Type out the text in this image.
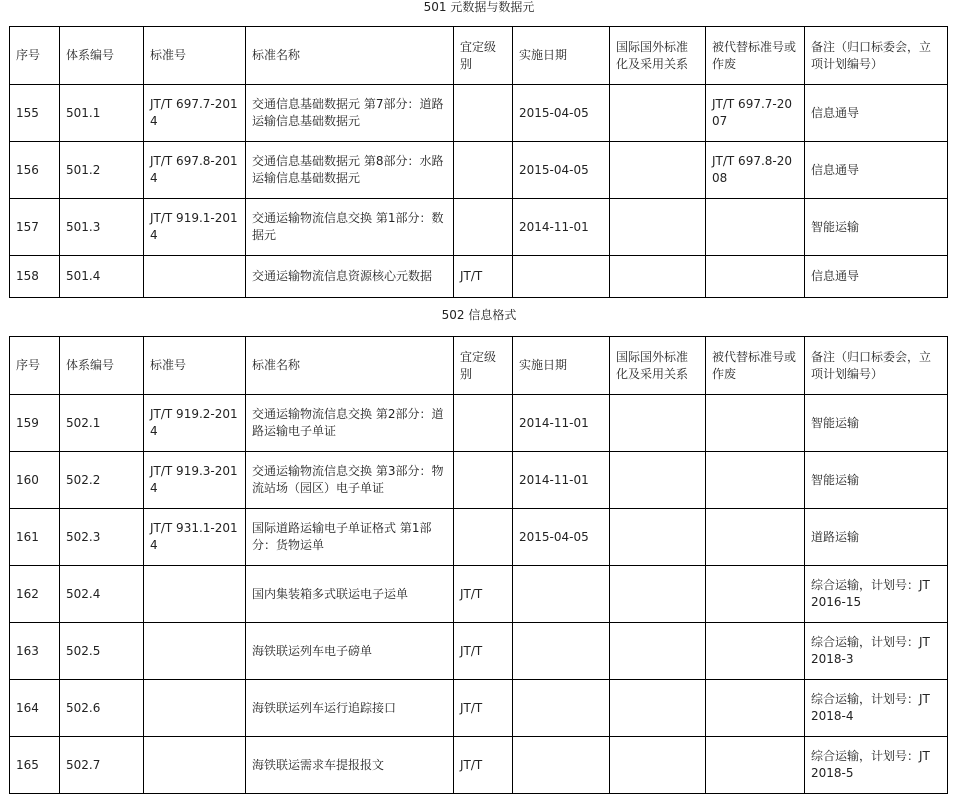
501 元数据与数据元
序号	体系编号	标准号	标准名称	宜定级别	实施日期	国际国外标准化及采用关系	被代替标准号或作废	备注（归口标委会，立项计划编号）
155	501.1	JT/T 697.7-2014	交通信息基础数据元 第7部分：道路运输信息基础数据元		2015-04-05		JT/T 697.7-2007	信息通导
156	501.2	JT/T 697.8-2014	交通信息基础数据元 第8部分：水路运输信息基础数据元		2015-04-05		JT/T 697.8-2008	信息通导
157	501.3	JT/T 919.1-2014	交通运输物流信息交换 第1部分：数据元		2014-11-01			智能运输
158	501.4		交通运输物流信息资源核心元数据	JT/T				信息通导
502 信息格式
序号	体系编号	标准号	标准名称	宜定级别	实施日期	国际国外标准化及采用关系	被代替标准号或作废	备注（归口标委会，立项计划编号）
159	502.1	JT/T 919.2-2014	交通运输物流信息交换 第2部分：道路运输电子单证		2014-11-01			智能运输
160	502.2	JT/T 919.3-2014	交通运输物流信息交换 第3部分：物流站场（园区）电子单证		2014-11-01			智能运输
161	502.3	JT/T 931.1-2014	国际道路运输电子单证格式 第1部分：货物运单		2015-04-05			道路运输
162	502.4		国内集装箱多式联运电子运单	JT/T				综合运输，计划号：JT 2016-15
163	502.5		海铁联运列车电子磅单	JT/T				综合运输，计划号：JT 2018-3
164	502.6		海铁联运列车运行追踪接口	JT/T				综合运输，计划号：JT 2018-4
165	502.7		海铁联运需求车提报报文	JT/T				综合运输，计划号：JT 2018-5
